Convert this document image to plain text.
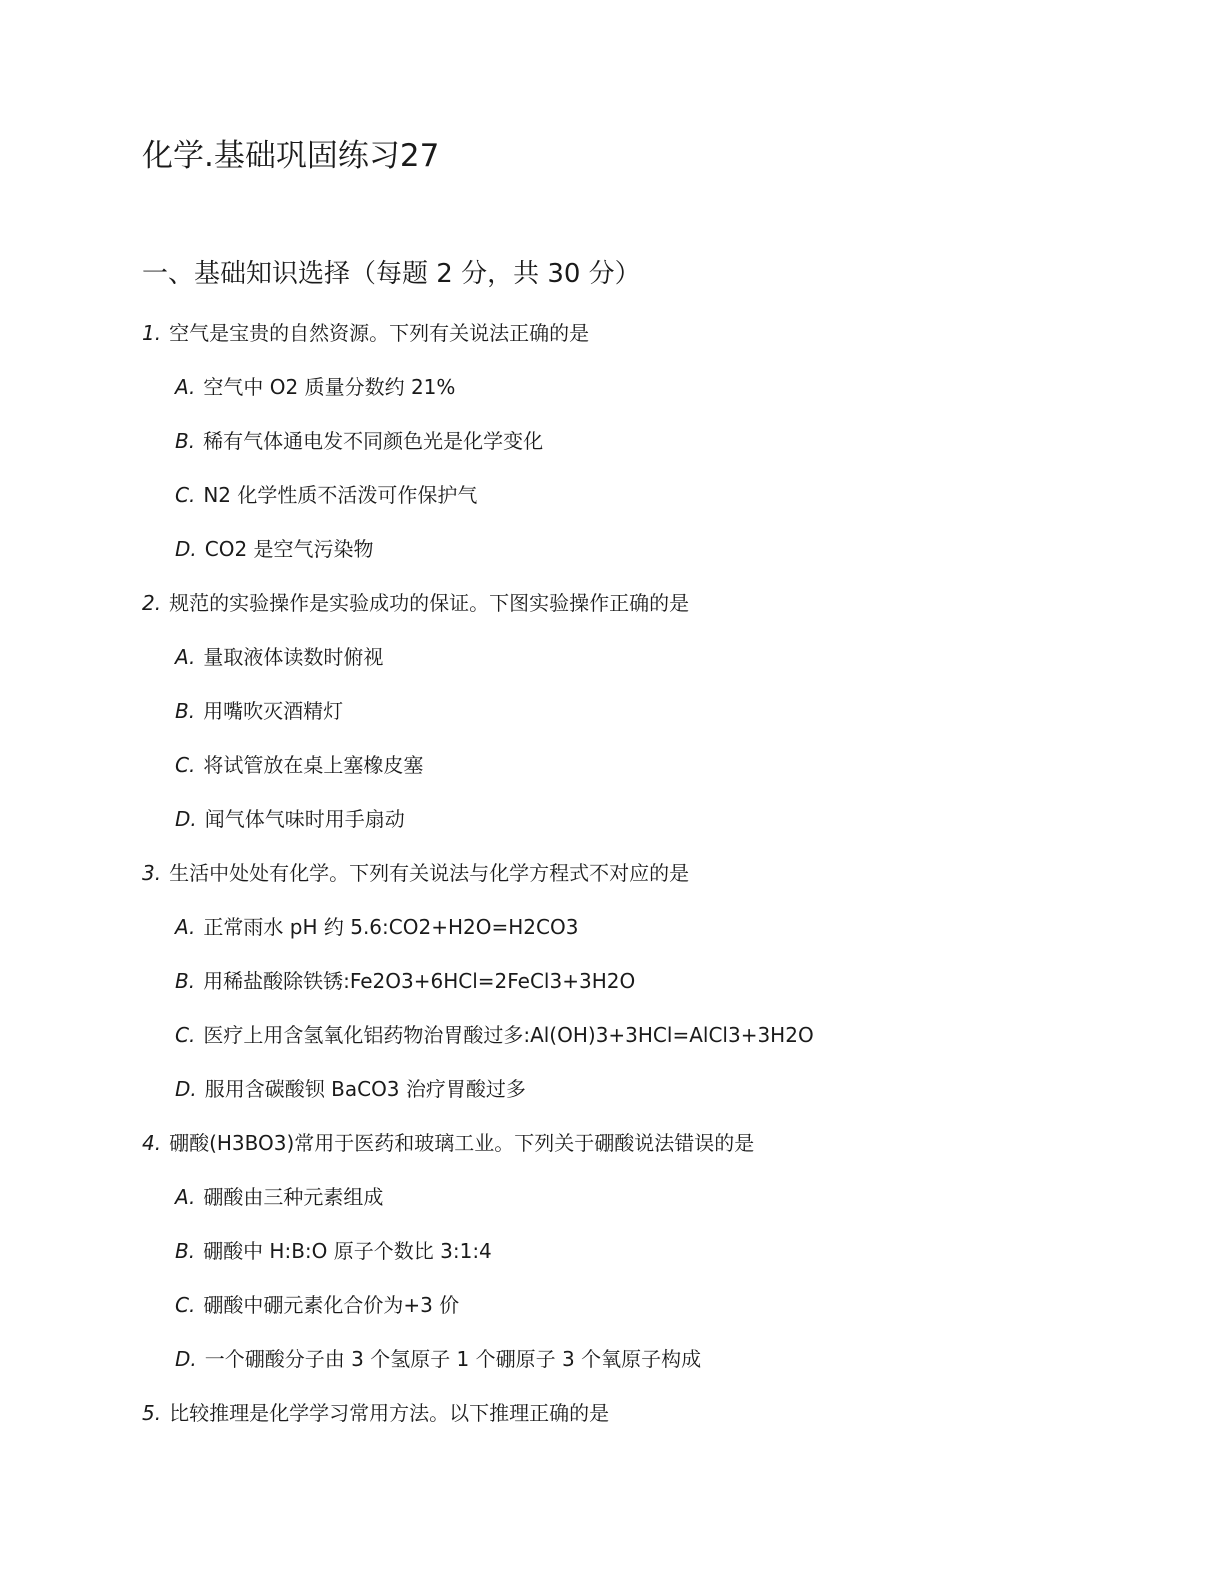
化学.基础巩固练习27
一、基础知识选择（每题 2 分，共 30 分）
1. 空气是宝贵的自然资源。下列有关说法正确的是
A. 空气中 O2 质量分数约 21%
B. 稀有气体通电发不同颜色光是化学变化
C. N2 化学性质不活泼可作保护气
D. CO2 是空气污染物
2. 规范的实验操作是实验成功的保证。下图实验操作正确的是
A. 量取液体读数时俯视
B. 用嘴吹灭酒精灯
C. 将试管放在桌上塞橡皮塞
D. 闻气体气味时用手扇动
3. 生活中处处有化学。下列有关说法与化学方程式不对应的是
A. 正常雨水 pH 约 5.6:CO2+H2O=H2CO3
B. 用稀盐酸除铁锈:Fe2O3+6HCl=2FeCl3+3H2O
C. 医疗上用含氢氧化铝药物治胃酸过多:Al(OH)3+3HCl=AlCl3+3H2O
D. 服用含碳酸钡 BaCO3 治疗胃酸过多
4. 硼酸(H3BO3)常用于医药和玻璃工业。下列关于硼酸说法错误的是
A. 硼酸由三种元素组成
B. 硼酸中 H:B:O 原子个数比 3:1:4
C. 硼酸中硼元素化合价为+3 价
D. 一个硼酸分子由 3 个氢原子 1 个硼原子 3 个氧原子构成
5. 比较推理是化学学习常用方法。以下推理正确的是
